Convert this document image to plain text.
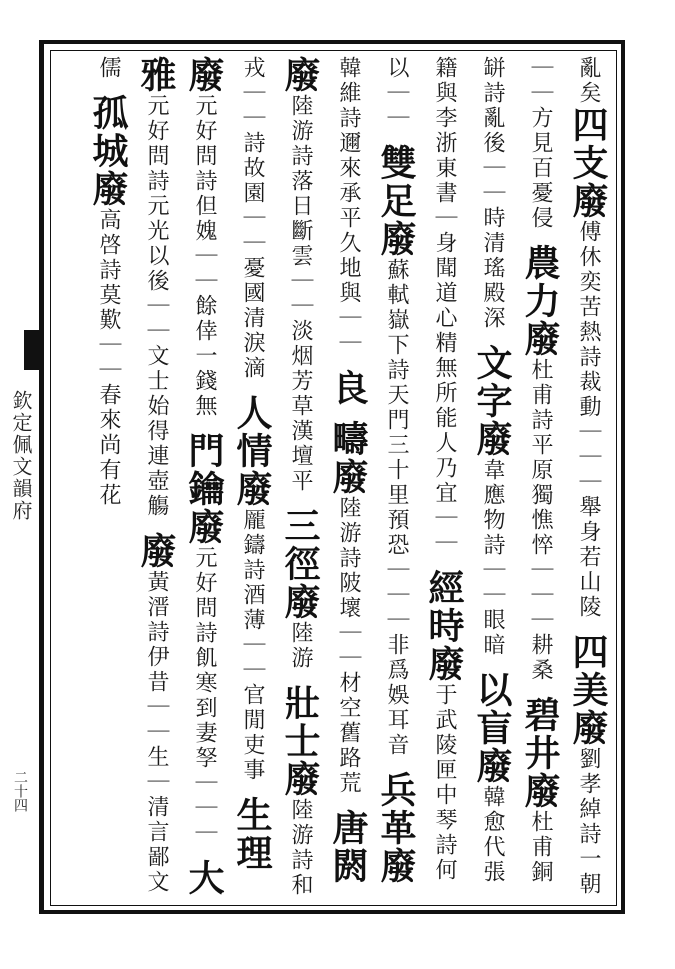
欽定佩文韻府
二十四
亂矣四支廢傅休奕苦熱詩裁動｜｜｜舉身若山陵 四美廢劉孝綽詩一朝｜｜方見百憂侵 農力廢杜甫詩平原獨憔悴｜｜｜耕桑 碧井廢杜甫銅缾詩亂後｜｜時清瑤殿深 文字廢韋應物詩｜｜眼暗 以盲廢韓愈代張籍與李浙東書｜身聞道心精無所能人乃宜｜｜ 經時廢于武陵匣中琴詩何以｜｜ 雙足廢蘇軾嶽下詩天門三十里預恐｜｜｜非爲娛耳音 兵革廢韓維詩邇來承平久地與｜｜ 良 疇廢陸游詩陂壞｜｜材空舊路荒 唐閼廢陸游詩落日斷雲｜｜淡烟芳草漢壇平 三徑廢陸游 壯士廢陸游詩和戎｜｜詩故園｜｜憂國清淚滴 人情廢龎鑄詩酒薄｜｜官閒吏事 生理廢元好問詩但媿｜｜餘倖一錢無 門鑰廢元好問詩飢寒到妻孥｜｜｜ 大雅元好問詩元光以後｜｜文士始得連壺觴 廢黃溍詩伊昔｜｜生｜清言鄙文儒 孤城廢高啓詩莫歎｜｜春來尚有花
